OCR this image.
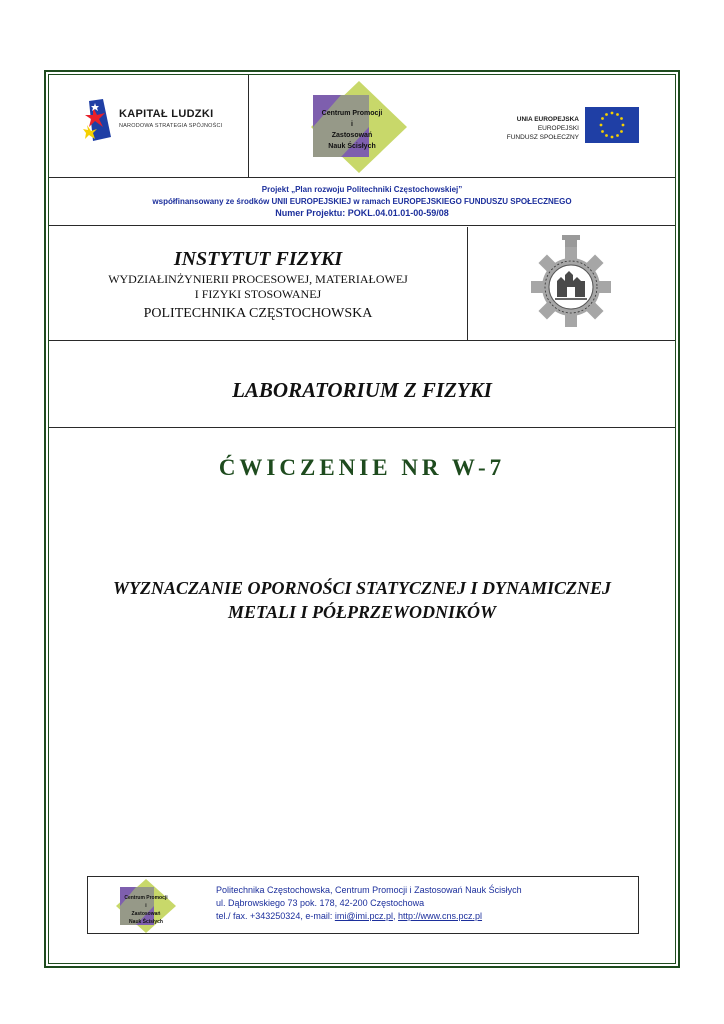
KAPITAŁ LUDZKI
NARODOWA STRATEGIA SPÓJNOŚCI
Centrum Promocji
i
Zastosowań
Nauk Ścisłych
UNIA EUROPEJSKA
EUROPEJSKI
FUNDUSZ SPOŁECZNY
Projekt „Plan rozwoju Politechniki Częstochowskiej”
współfinansowany ze środków UNII EUROPEJSKIEJ w ramach EUROPEJSKIEGO FUNDUSZU SPOŁECZNEGO
Numer Projektu: POKL.04.01.01-00-59/08
INSTYTUT FIZYKI
WYDZIAŁINŻYNIERII PROCESOWEJ, MATERIAŁOWEJ
I FIZYKI STOSOWANEJ
POLITECHNIKA CZĘSTOCHOWSKA
LABORATORIUM Z FIZYKI
ĆWICZENIE NR W-7
WYZNACZANIE OPORNOŚCI STATYCZNEJ I DYNAMICZNEJ
METALI I PÓŁPRZEWODNIKÓW
Centrum Promocji
i
Zastosowań
Nauk Ścisłych
Politechnika Częstochowska, Centrum Promocji i Zastosowań Nauk Ścisłych
ul. Dąbrowskiego 73 pok. 178, 42-200 Częstochowa
tel./ fax. +343250324, e-mail: imi@imi.pcz.pl, http://www.cns.pcz.pl
